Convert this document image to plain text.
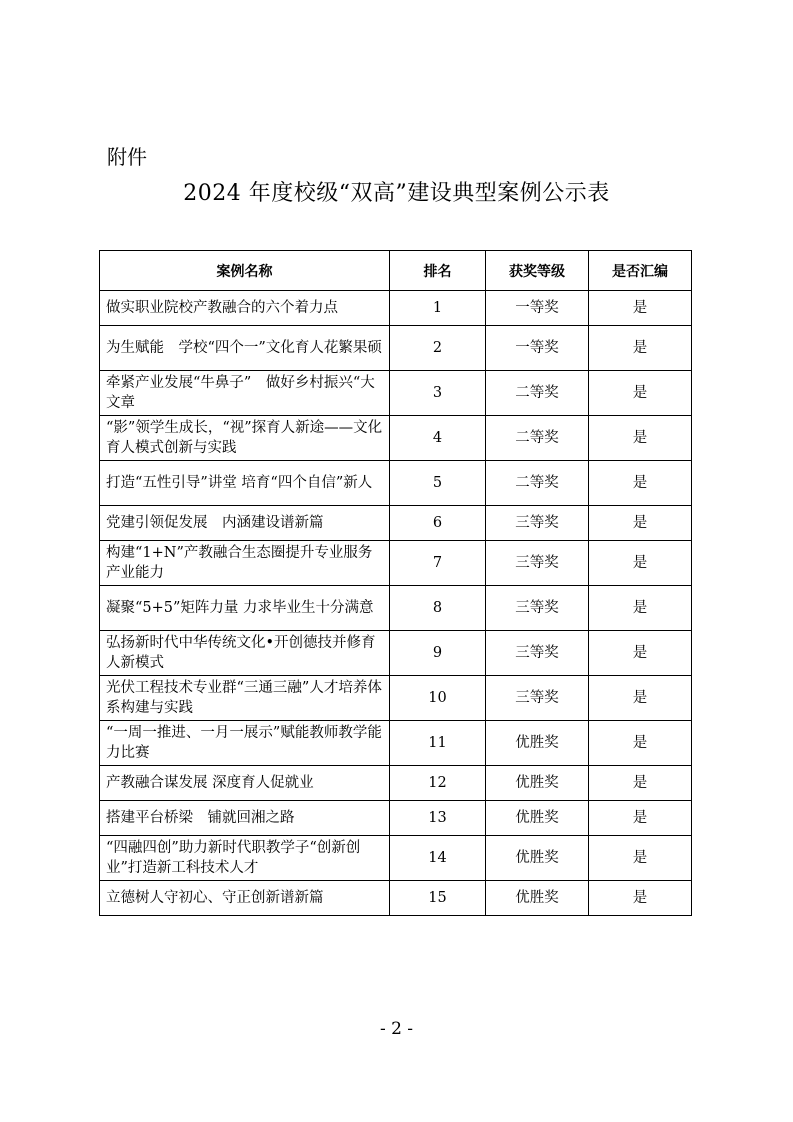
附件
2024 年度校级“双高”建设典型案例公示表
案例名称	排名	获奖等级	是否汇编
做实职业院校产教融合的六个着力点	1	一等奖	是
为生赋能　学校“四个一”文化育人花繁果硕	2	一等奖	是
牵紧产业发展“牛鼻子”　做好乡村振兴“大文章	3	二等奖	是
“影”领学生成长，“视”探育人新途——文化育人模式创新与实践	4	二等奖	是
打造“五性引导”讲堂 培育“四个自信”新人	5	二等奖	是
党建引领促发展　内涵建设谱新篇	6	三等奖	是
构建“1+N”产教融合生态圈提升专业服务产业能力	7	三等奖	是
凝聚“5+5”矩阵力量 力求毕业生十分满意	8	三等奖	是
弘扬新时代中华传统文化•开创德技并修育人新模式	9	三等奖	是
光伏工程技术专业群“三通三融”人才培养体系构建与实践	10	三等奖	是
“一周一推进、一月一展示”赋能教师教学能力比赛	11	优胜奖	是
产教融合谋发展 深度育人促就业	12	优胜奖	是
搭建平台桥梁　铺就回湘之路	13	优胜奖	是
“四融四创”助力新时代职教学子“创新创业”打造新工科技术人才	14	优胜奖	是
立德树人守初心、守正创新谱新篇	15	优胜奖	是
- 2 -
